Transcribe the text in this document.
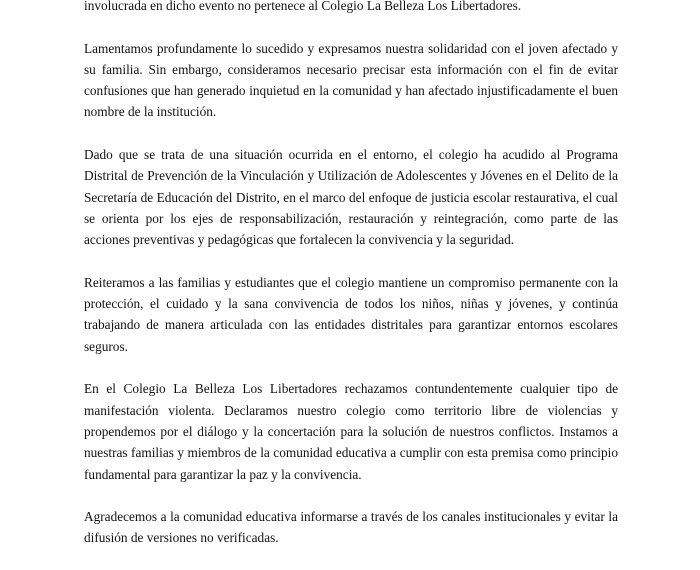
involucrada en dicho evento no pertenece al Colegio La Belleza Los Libertadores.

Lamentamos profundamente lo sucedido y expresamos nuestra solidaridad con el joven afectado y su familia. Sin embargo, consideramos necesario precisar esta información con el fin de evitar confusiones que han generado inquietud en la comunidad y han afectado injustificadamente el buen nombre de la institución.

Dado que se trata de una situación ocurrida en el entorno, el colegio ha acudido al Programa Distrital de Prevención de la Vinculación y Utilización de Adolescentes y Jóvenes en el Delito de la Secretaría de Educación del Distrito, en el marco del enfoque de justicia escolar restaurativa, el cual se orienta por los ejes de responsabilización, restauración y reintegración, como parte de las acciones preventivas y pedagógicas que fortalecen la convivencia y la seguridad.

Reiteramos a las familias y estudiantes que el colegio mantiene un compromiso permanente con la protección, el cuidado y la sana convivencia de todos los niños, niñas y jóvenes, y continúa trabajando de manera articulada con las entidades distritales para garantizar entornos escolares seguros.

En el Colegio La Belleza Los Libertadores rechazamos contundentemente cualquier tipo de manifestación violenta. Declaramos nuestro colegio como territorio libre de violencias y propendemos por el diálogo y la concertación para la solución de nuestros conflictos. Instamos a nuestras familias y miembros de la comunidad educativa a cumplir con esta premisa como principio fundamental para garantizar la paz y la convivencia.

Agradecemos a la comunidad educativa informarse a través de los canales institucionales y evitar la difusión de versiones no verificadas.
